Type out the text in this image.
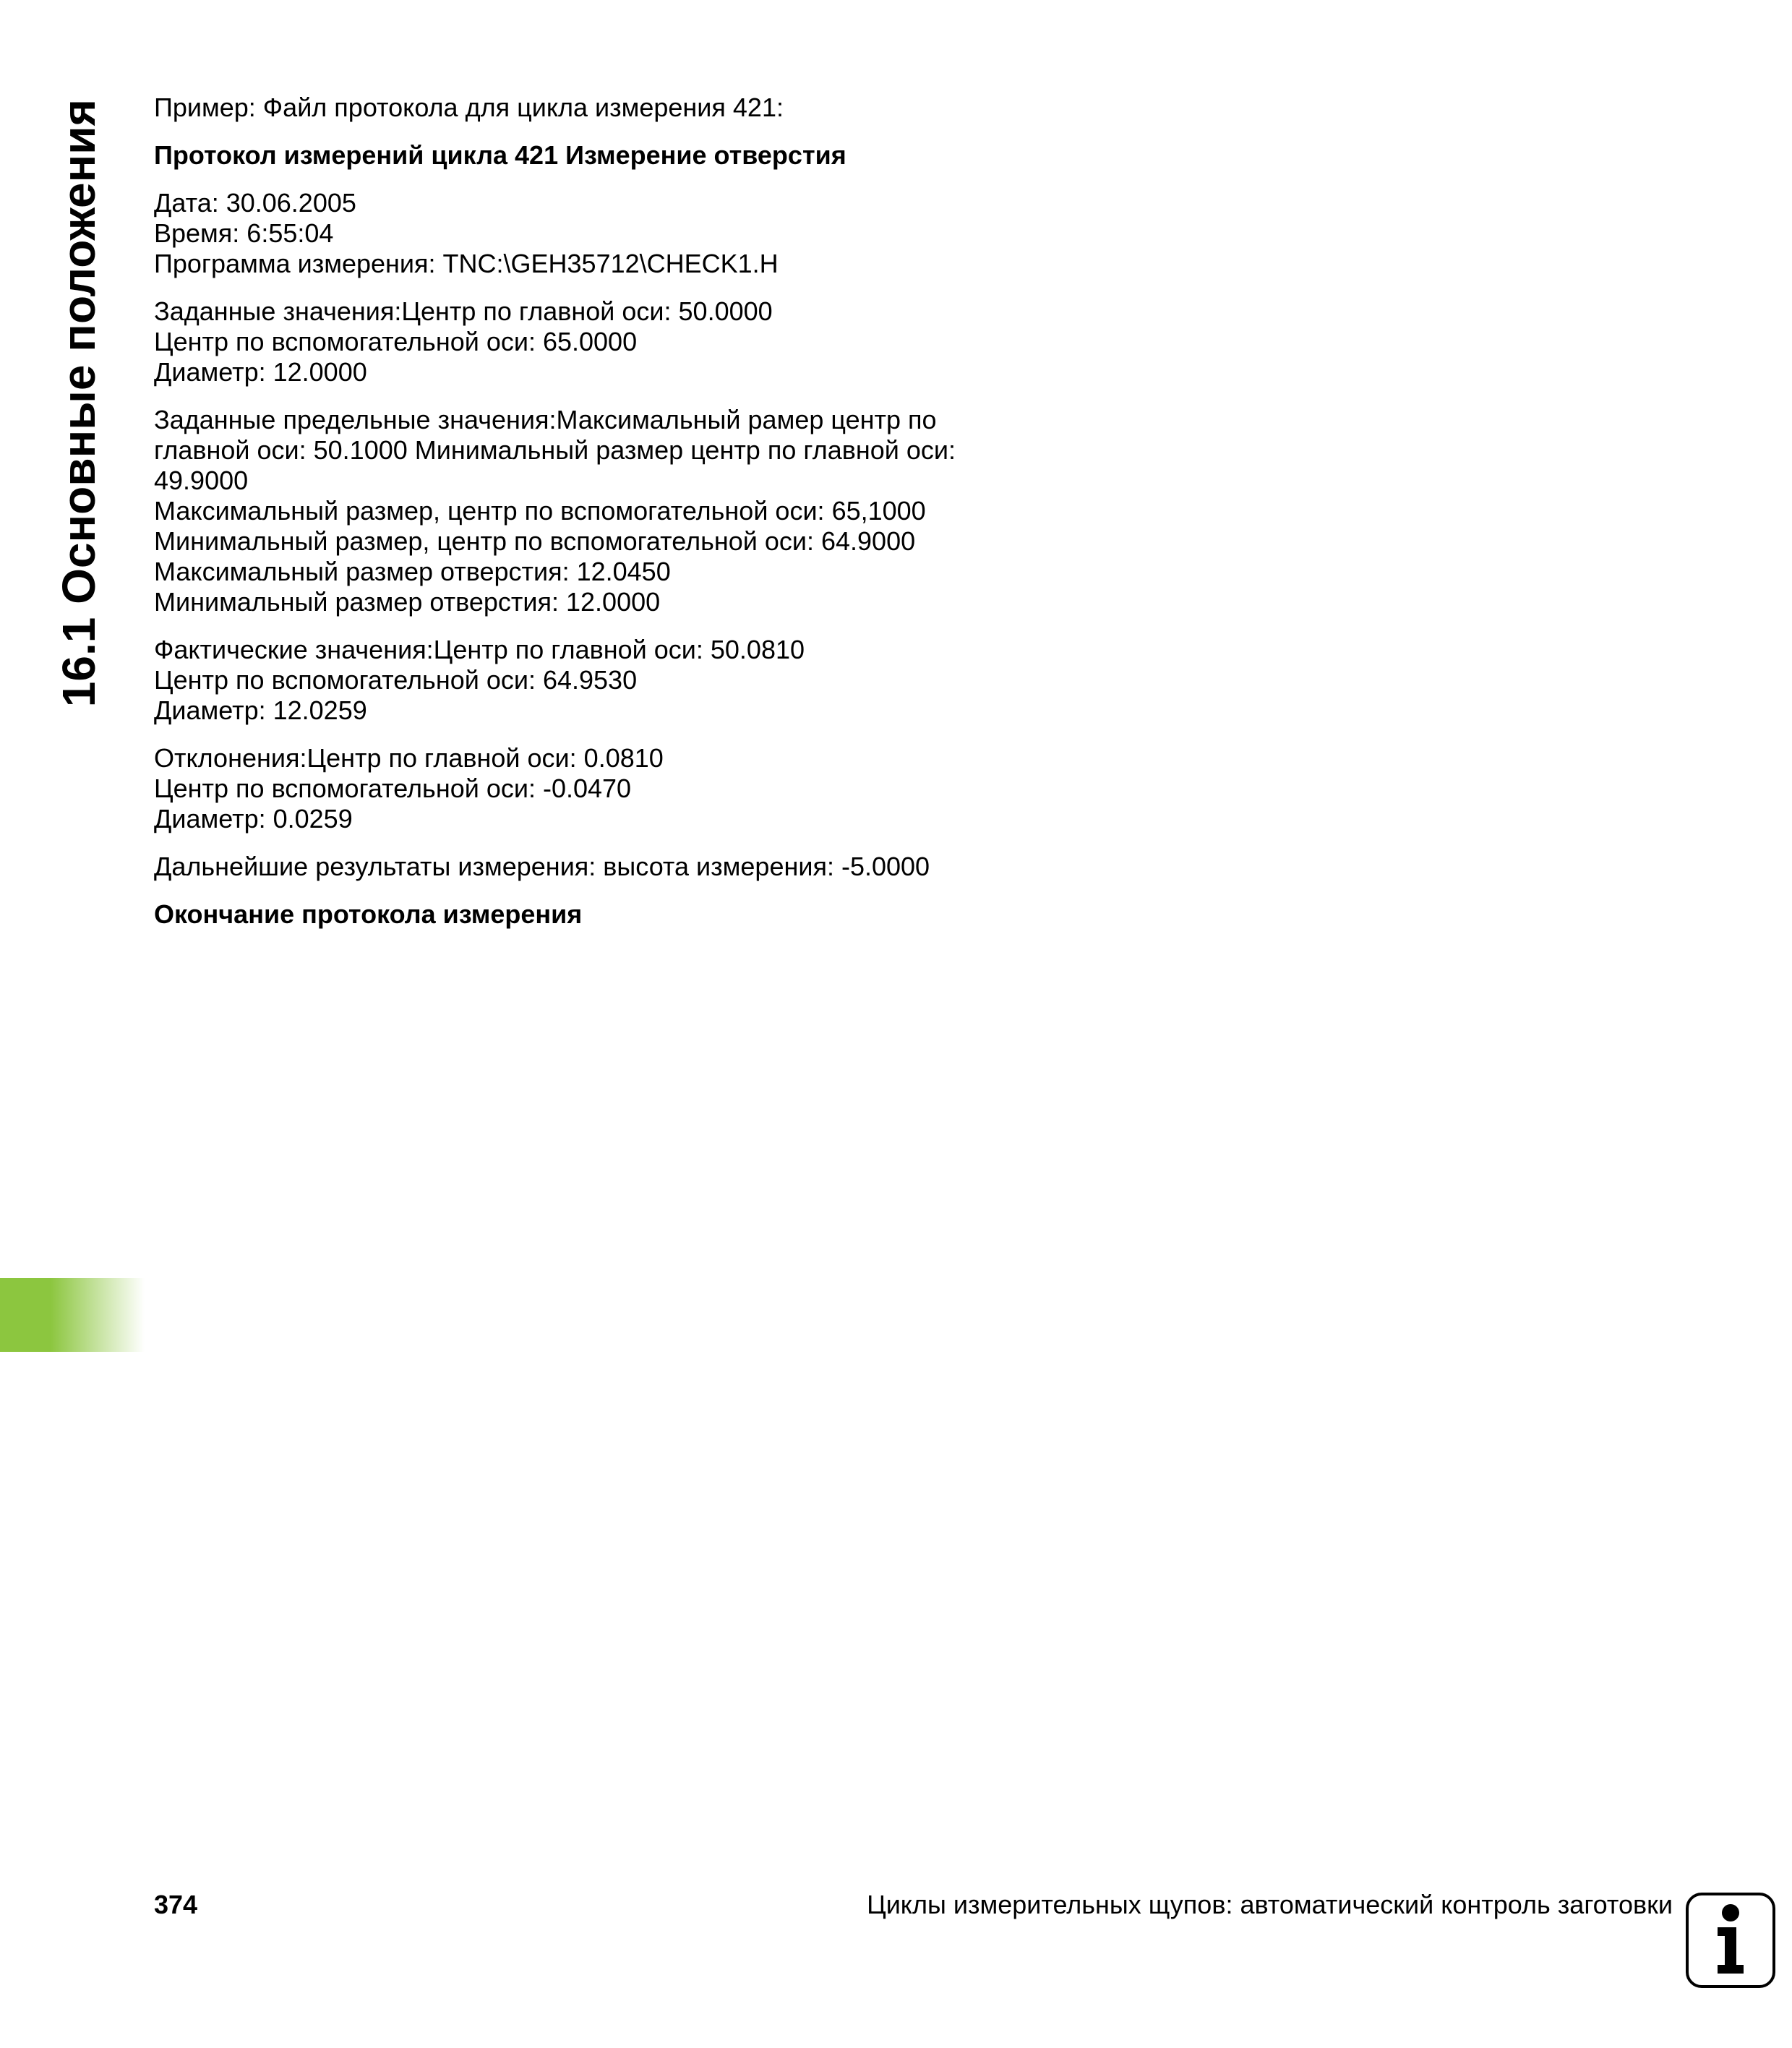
16.1 Основные положения Пример: Файл протокола для цикла измерения 421:

Протокол измерений цикла 421 Измерение отверстия

Дата: 30.06.2005
Время: 6:55:04
Программа измерения: TNC:\GEH35712\CHECK1.H

Заданные значения:Центр по главной оси: 50.0000
Центр по вспомогательной оси: 65.0000
Диаметр: 12.0000

Заданные предельные значения:Максимальный рамер центр по
главной оси: 50.1000 Минимальный размер центр по главной оси:
49.9000
Максимальный размер, центр по вспомогательной оси: 65,1000
Минимальный размер, центр по вспомогательной оси: 64.9000
Максимальный размер отверстия: 12.0450
Минимальный размер отверстия: 12.0000

Фактические значения:Центр по главной оси: 50.0810
Центр по вспомогательной оси: 64.9530
Диаметр: 12.0259

Отклонения:Центр по главной оси: 0.0810
Центр по вспомогательной оси: -0.0470
Диаметр: 0.0259

Дальнейшие результаты измерения: высота измерения: -5.0000

Окончание протокола измерения

374	Циклы измерительных щупов: автоматический контроль заготовки
